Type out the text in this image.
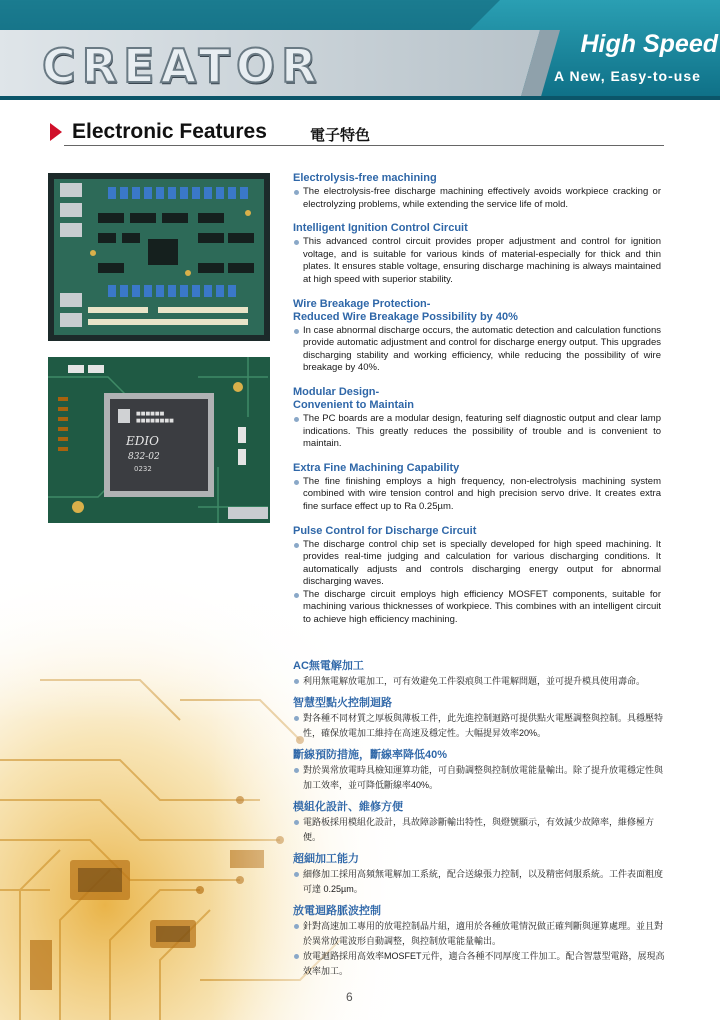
CREATOR	High Speed
A New, Easy-to-use
Electronic Features	電子特色
■■■■■■
■■■■■■■■
EDIO
832-02
0232
Electrolysis-free machining
The electrolysis-free discharge machining effectively avoids workpiece cracking or electrolyzing problems, while extending the service life of mold.
Intelligent Ignition Control Circuit
This advanced control circuit provides proper adjustment and control for ignition voltage, and is suitable for various kinds of material-especially for thick and thin plates. It ensures stable voltage, ensuring discharge machining is always maintained at high speed with superior stability.
Wire Breakage Protection-
Reduced Wire Breakage Possibility by 40%
In case abnormal discharge occurs, the automatic detection and calculation functions provide automatic adjustment and control for discharge energy output. This upgrades discharging stability and working efficiency, while reducing the possibility of wire breakage by 40%.
Modular Design-
Convenient to Maintain
The PC boards are a modular design, featuring self diagnostic output and clear lamp indications. This greatly reduces the possibility of trouble and is convenient to maintain.
Extra Fine Machining Capability
The fine finishing employs a high frequency, non-electrolysis machining system combined with wire tension control and high precision servo drive. It creates extra fine surface effect up to Ra 0.25µm.
Pulse Control for Discharge Circuit
The discharge control chip set is specially developed for high speed machining. It provides real-time judging and calculation for various discharging conditions. It automatically adjusts and controls discharging energy output for abnormal discharging waves.
The discharge circuit employs high efficiency MOSFET components, suitable for machining various thicknesses of workpiece. This combines with an intelligent circuit to achieve high efficiency machining.
AC無電解加工
利用無電解放電加工，可有效避免工件裂痕與工件電解問題，並可提升模具使用壽命。
智慧型點火控制迴路
對各種不同材質之厚板與薄板工件，此先進控制迴路可提供點火電壓調整與控制。具穩壓特性，確保放電加工維持在高速及穩定性。大幅提昇效率20%。
斷線預防措施，斷線率降低40%
對於異常放電時具檢知運算功能，可自動調整與控制放電能量輸出。除了提升放電穩定性與加工效率，並可降低斷線率40%。
模組化設計、維修方便
電路板採用模組化設計，具故障診斷輸出特性，與燈號顯示，有效減少故障率，維修極方便。
超細加工能力
細修加工採用高頻無電解加工系統，配合送線張力控制，以及精密伺服系統。工件表面粗度可達 0.25µm。
放電迴路脈波控制
針對高速加工專用的放電控制晶片組，適用於各種放電情況做正確判斷與運算處理。並且對於異常放電波形自動調整，與控制放電能量輸出。
放電迴路採用高效率MOSFET元件，適合各種不同厚度工件加工。配合智慧型電路，展現高效率加工。
6
